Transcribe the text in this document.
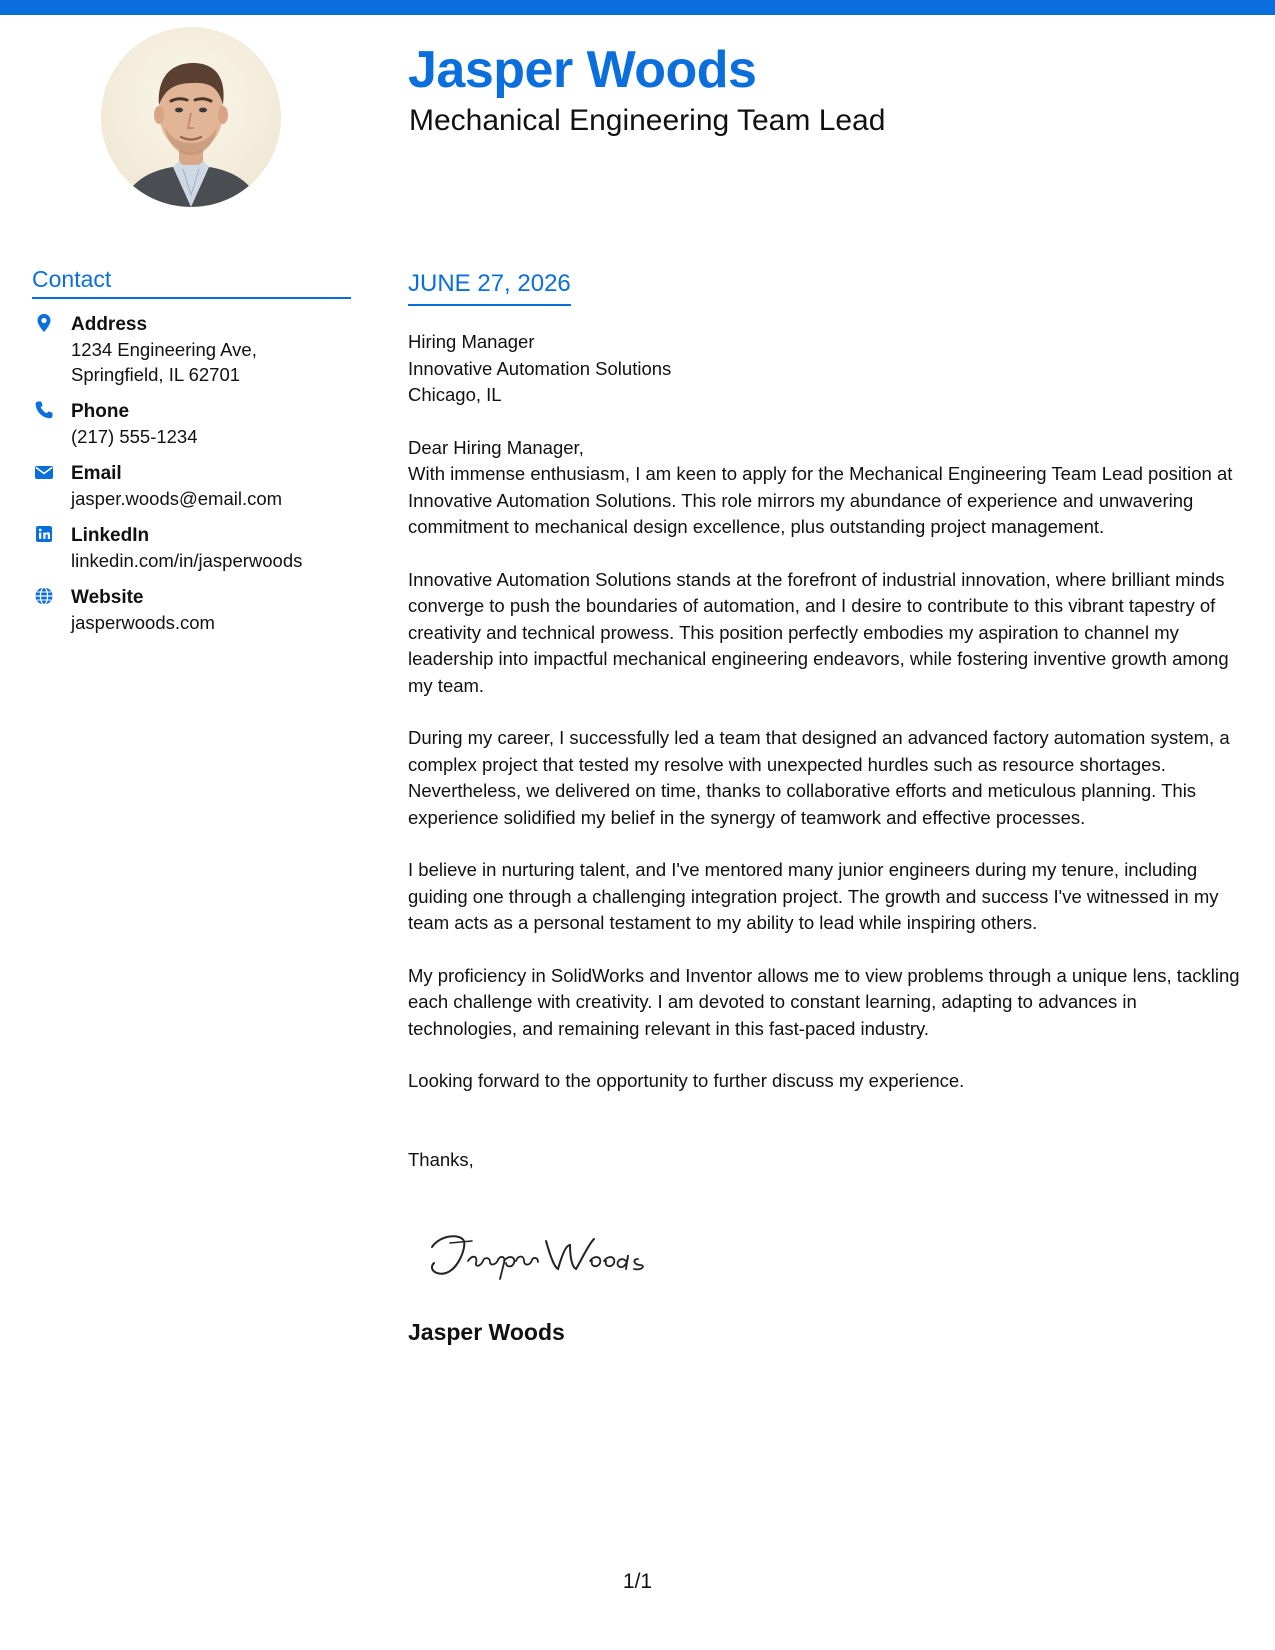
Jasper Woods
Mechanical Engineering Team Lead
Contact
Address
1234 Engineering Ave,
Springfield, IL 62701
Phone
(217) 555-1234
Email
jasper.woods@email.com
LinkedIn
linkedin.com/in/jasperwoods
Website
jasperwoods.com
JUNE 27, 2026
Hiring Manager
Innovative Automation Solutions
Chicago, IL

Dear Hiring Manager,

With immense enthusiasm, I am keen to apply for the Mechanical Engineering Team Lead position at Innovative Automation Solutions. This role mirrors my abundance of experience and unwavering commitment to mechanical design excellence, plus outstanding project management.

Innovative Automation Solutions stands at the forefront of industrial innovation, where brilliant minds converge to push the boundaries of automation, and I desire to contribute to this vibrant tapestry of creativity and technical prowess. This position perfectly embodies my aspiration to channel my leadership into impactful mechanical engineering endeavors, while fostering inventive growth among my team.

During my career, I successfully led a team that designed an advanced factory automation system, a complex project that tested my resolve with unexpected hurdles such as resource shortages. Nevertheless, we delivered on time, thanks to collaborative efforts and meticulous planning. This experience solidified my belief in the synergy of teamwork and effective processes.

I believe in nurturing talent, and I've mentored many junior engineers during my tenure, including guiding one through a challenging integration project. The growth and success I've witnessed in my team acts as a personal testament to my ability to lead while inspiring others.

My proficiency in SolidWorks and Inventor allows me to view problems through a unique lens, tackling each challenge with creativity. I am devoted to constant learning, adapting to advances in technologies, and remaining relevant in this fast-paced industry.

Looking forward to the opportunity to further discuss my experience.

Thanks,

Jasper Woods
1/1
